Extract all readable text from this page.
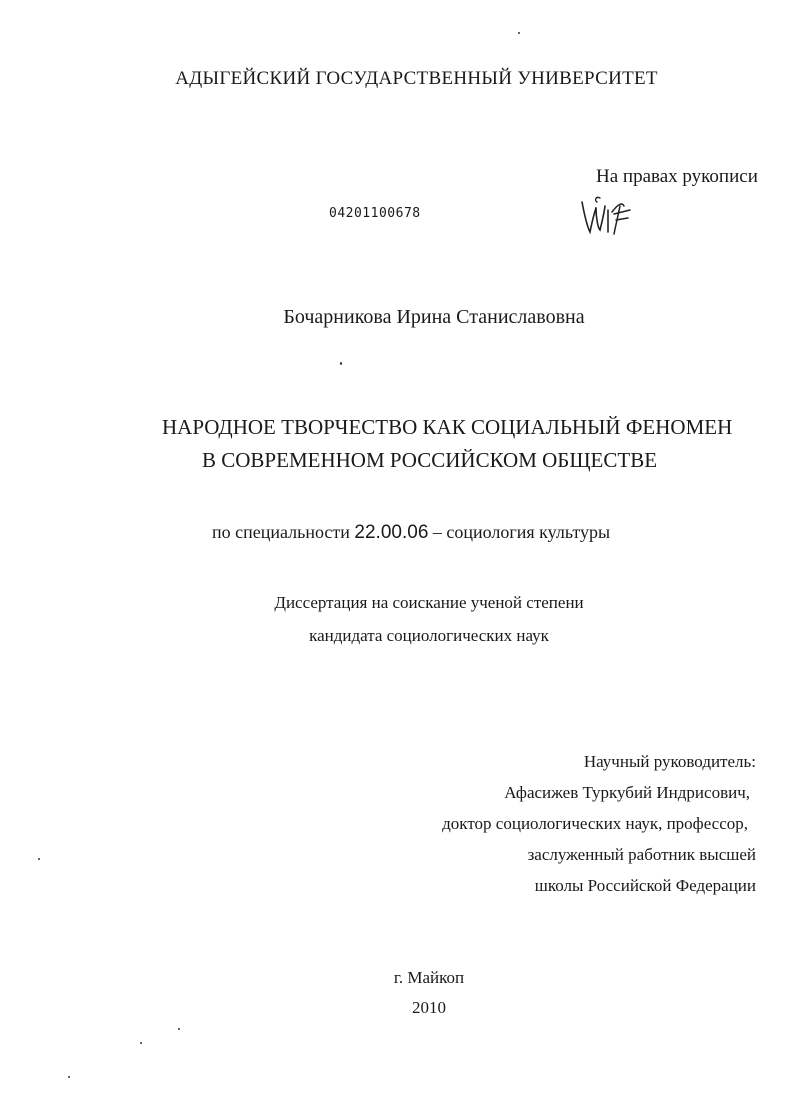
АДЫГЕЙСКИЙ ГОСУДАРСТВЕННЫЙ УНИВЕРСИТЕТ
На правах рукописи
04201100678
Бочарникова Ирина Станиславовна
НАРОДНОЕ ТВОРЧЕСТВО КАК СОЦИАЛЬНЫЙ ФЕНОМЕН
В СОВРЕМЕННОМ РОССИЙСКОМ ОБЩЕСТВЕ
по специальности 22.00.06 – социология культуры
Диссертация на соискание ученой степени
кандидата социологических наук
Научный руководитель:
Афасижев Туркубий Индрисович,
доктор социологических наук, профессор,
заслуженный работник высшей
школы Российской Федерации
г. Майкоп
2010
